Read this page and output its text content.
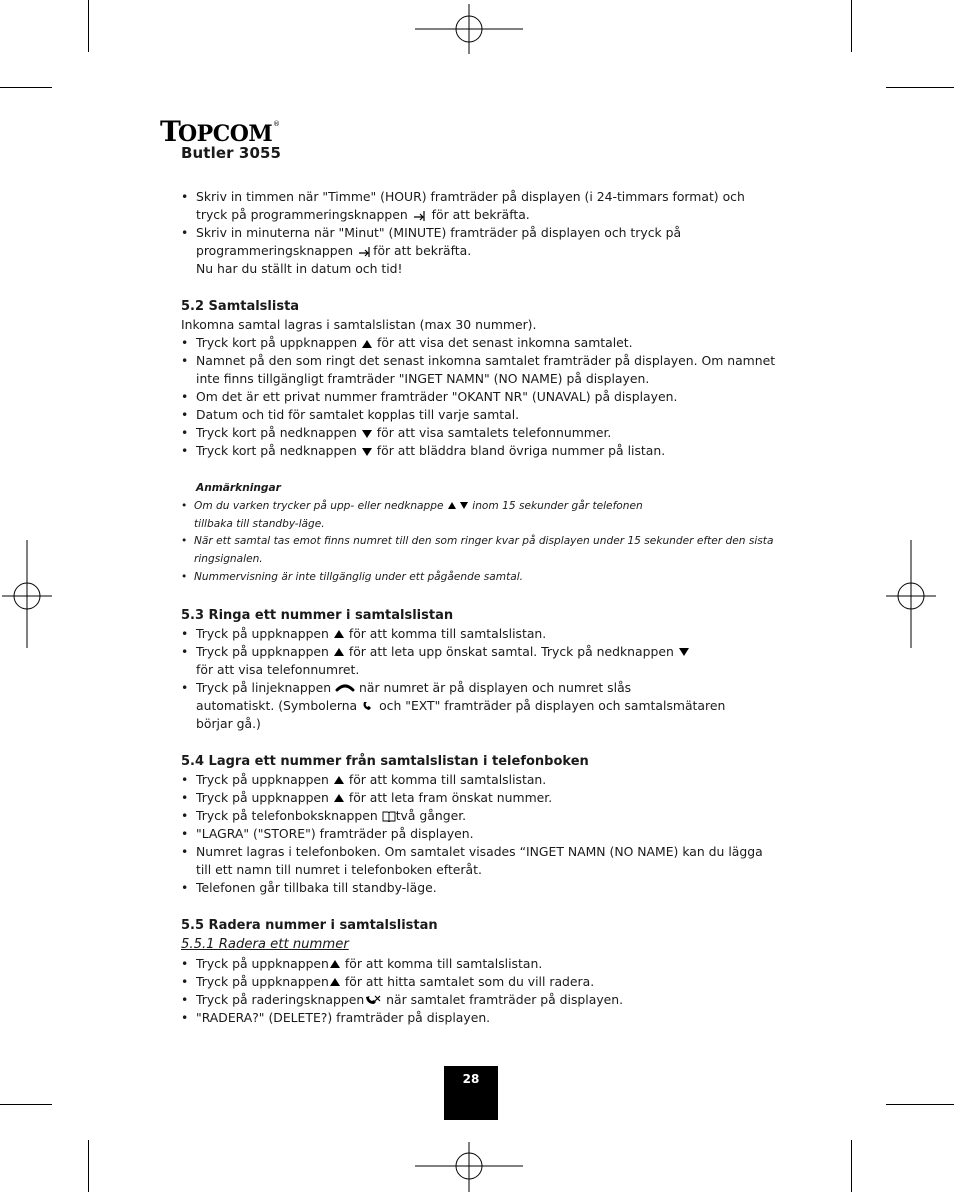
T
OPCOM ®
Butler 3055
• Skriv in timmen när "Timme" (HOUR) framträder på displayen (i 24-timmars format) och
tryck på programmeringsknappen för att bekräfta.
• Skriv in minuterna när "Minut" (MINUTE) framträder på displayen och tryck på
programmeringsknappen för att bekräfta.
Nu har du ställt in datum och tid!
5.2 Samtalslista
Inkomna samtal lagras i samtalslistan (max 30 nummer).
• Tryck kort på uppknappen för att visa det senast inkomna samtalet.
• Namnet på den som ringt det senast inkomna samtalet framträder på displayen. Om namnet inte finns tillgängligt framträder "INGET NAMN" (NO NAME) på displayen.
• Om det är ett privat nummer framträder "OKANT NR" (UNAVAL) på displayen.
• Datum och tid för samtalet kopplas till varje samtal.
• Tryck kort på nedknappen för att visa samtalets telefonnummer.
• Tryck kort på nedknappen för att bläddra bland övriga nummer på listan.
Anmärkningar
• Om du varken trycker på upp- eller nedknappe	inom 15 sekunder går telefonen
tillbaka till standby-läge.
• När ett samtal tas emot finns numret till den som ringer kvar på displayen under 15 sekunder efter den sista ringsignalen.
• Nummervisning är inte tillgänglig under ett pågående samtal.
5.3 Ringa ett nummer i samtalslistan
• Tryck på uppknappen för att komma till samtalslistan.
• Tryck på uppknappen för att leta upp önskat samtal. Tryck på nedknappen
för att visa telefonnumret.
• Tryck på linjeknappen när numret är på displayen och numret slås
automatiskt. (Symbolerna och "EXT" framträder på displayen och samtalsmätaren
börjar gå.)
5.4 Lagra ett nummer från samtalslistan i telefonboken
• Tryck på uppknappen för att komma till samtalslistan.
• Tryck på uppknappen för att leta fram önskat nummer.
• Tryck på telefonboksknappen två gånger.
• "LAGRA" ("STORE") framträder på displayen.
• Numret lagras i telefonboken. Om samtalet visades “INGET NAMN (NO NAME) kan du lägga till ett namn till numret i telefonboken efteråt.
• Telefonen går tillbaka till standby-läge.
5.5 Radera nummer i samtalslistan
5.5.1 Radera ett nummer
• Tryck på uppknappen för att komma till samtalslistan.
• Tryck på uppknappen för att hitta samtalet som du vill radera.
• Tryck på raderingsknappen när samtalet framträder på displayen.
• "RADERA?" (DELETE?) framträder på displayen.
28
